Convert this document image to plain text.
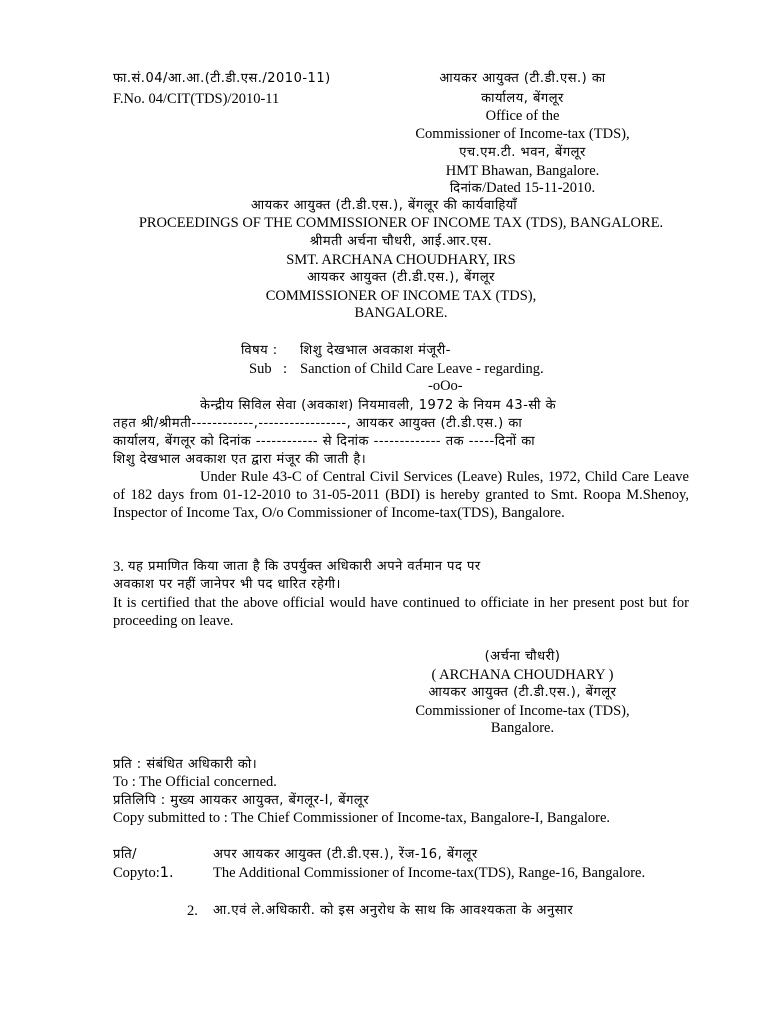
फा.सं.04/आ.आ.(टी.डी.एस./2010-11)
F.No. 04/CIT(TDS)/2010-11
आयकर आयुक्त (टी.डी.एस.) का
कार्यालय, बेंगलूर
Office of the
Commissioner of Income-tax (TDS),
एच.एम.टी. भवन, बेंगलूर
HMT Bhawan, Bangalore.
दिनांक/Dated 15-11-2010.
आयकर आयुक्त (टी.डी.एस.), बेंगलूर की कार्यवाहियाँ
PROCEEDINGS OF THE COMMISSIONER OF INCOME TAX (TDS), BANGALORE.
श्रीमती अर्चना चौधरी, आई.आर.एस.
SMT. ARCHANA CHOUDHARY, IRS
आयकर आयुक्त (टी.डी.एस.), बेंगलूर
COMMISSIONER OF INCOME TAX (TDS),
BANGALORE.
विषय : शिशु देखभाल अवकाश मंजूरी-
Sub : Sanction of Child Care Leave - regarding.
-oOo-
केन्द्रीय सिविल सेवा (अवकाश) नियमावली, 1972 के नियम 43-सी के
तहत श्री/श्रीमती------------,-----------------, आयकर आयुक्त (टी.डी.एस.) का
कार्यालय, बेंगलूर को दिनांक ------------ से दिनांक ------------- तक -----दिनों का
शिशु देखभाल अवकाश एत द्वारा मंजूर की जाती है।
Under Rule 43-C of Central Civil Services (Leave) Rules, 1972, Child Care Leave of 182 days from 01-12-2010 to 31-05-2011 (BDI) is hereby granted to Smt. Roopa M.Shenoy, Inspector of Income Tax, O/o Commissioner of Income-tax(TDS), Bangalore.
3. यह प्रमाणित किया जाता है कि उपर्युक्त अधिकारी अपने वर्तमान पद पर
अवकाश पर नहीं जानेपर भी पद धारित रहेगी।
It is certified that the above official would have continued to officiate in her present post but for proceeding on leave.
(अर्चना चौधरी)
( ARCHANA CHOUDHARY )
आयकर आयुक्त (टी.डी.एस.), बेंगलूर
Commissioner of Income-tax (TDS),
Bangalore.
प्रति : संबंधित अधिकारी को।
To : The Official concerned.
प्रतिलिपि : मुख्य आयकर आयुक्त, बेंगलूर-I, बेंगलूर
Copy submitted to : The Chief Commissioner of Income-tax, Bangalore-I, Bangalore.
प्रति/	अपर आयकर आयुक्त (टी.डी.एस.), रेंज-16, बेंगलूर
Copyto:1.	The Additional Commissioner of Income-tax(TDS), Range-16, Bangalore.
2. आ.एवं ले.अधिकारी. को इस अनुरोध के साथ कि आवश्यकता के अनुसार
